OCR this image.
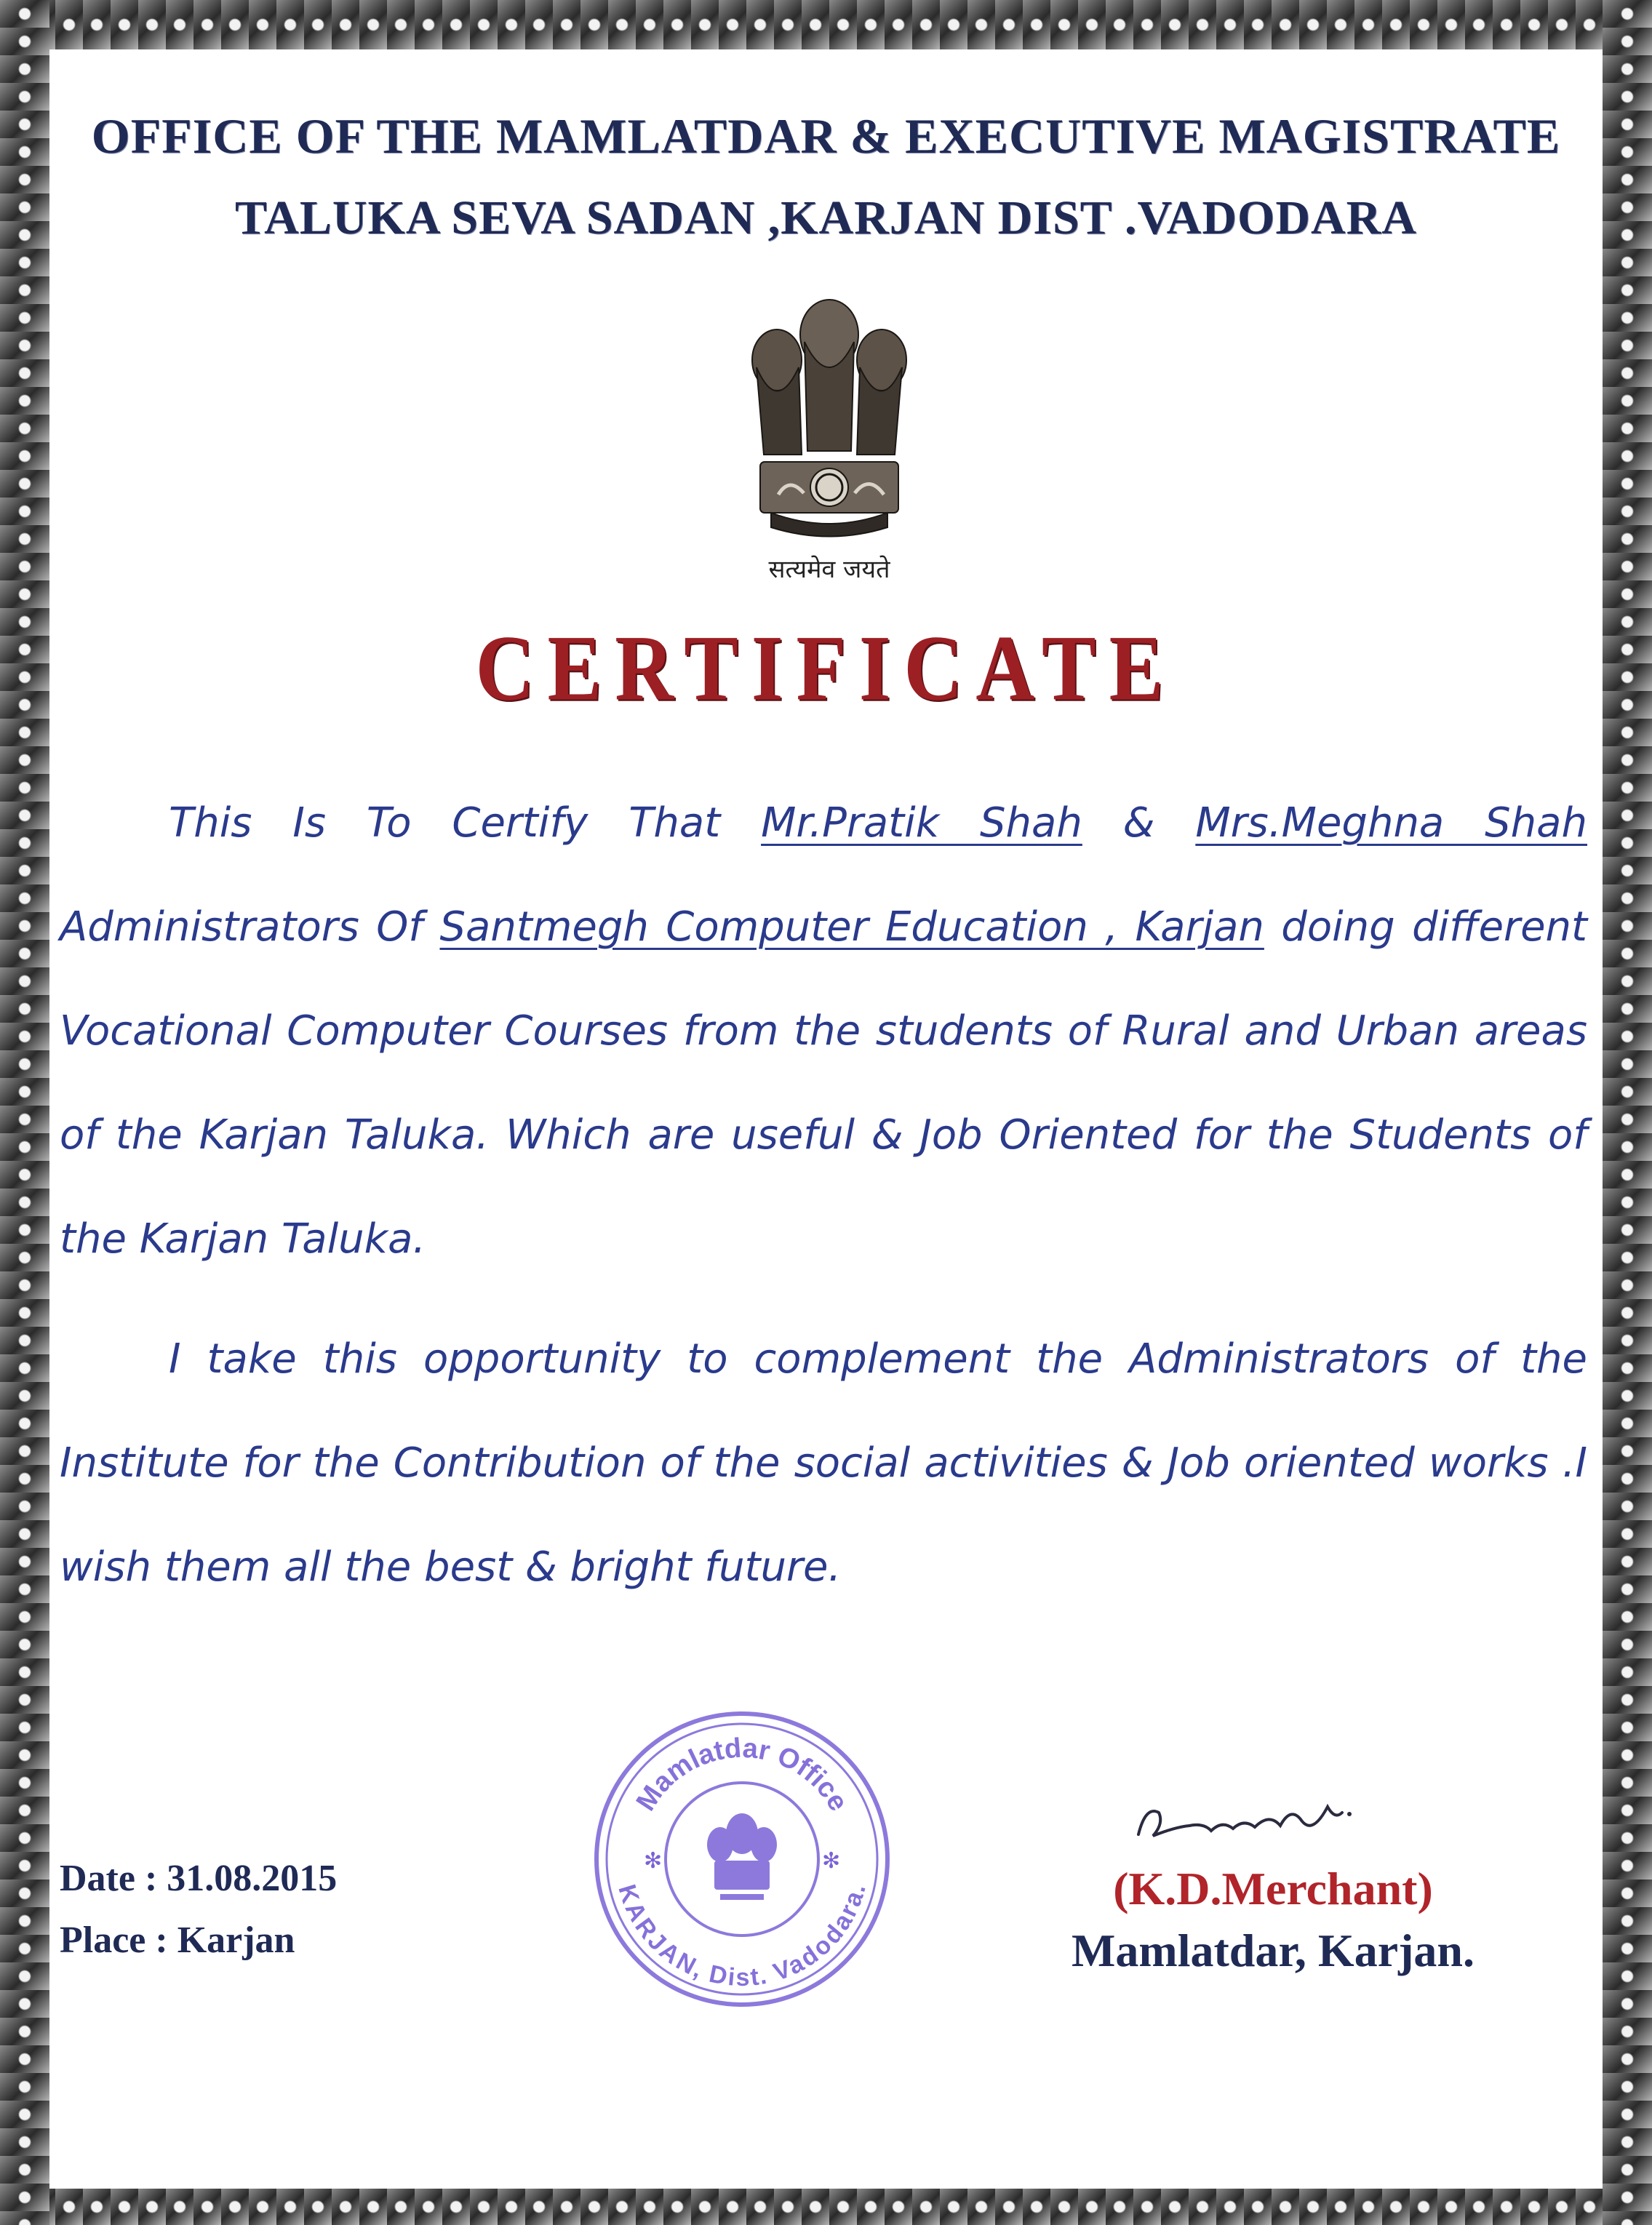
OFFICE OF THE MAMLATDAR & EXECUTIVE MAGISTRATE
TALUKA SEVA SADAN ,KARJAN DIST .VADODARA
सत्यमेव जयते
CERTIFICATE
This Is To Certify That Mr.Pratik Shah & Mrs.Meghna Shah Administrators Of Santmegh Computer Education , Karjan doing different Vocational Computer Courses from the students of Rural and Urban areas of the Karjan Taluka. Which are useful & Job Oriented for the Students of the Karjan Taluka.
I take this opportunity to complement the Administrators of the Institute for the Contribution of the social activities & Job oriented works .I wish them all the best & bright future.
Date : 31.08.2015
Place : Karjan
Mamlatdar Office
KARJAN, Dist. Vadodara.
✻	✻
(K.D.Merchant)
Mamlatdar, Karjan.
